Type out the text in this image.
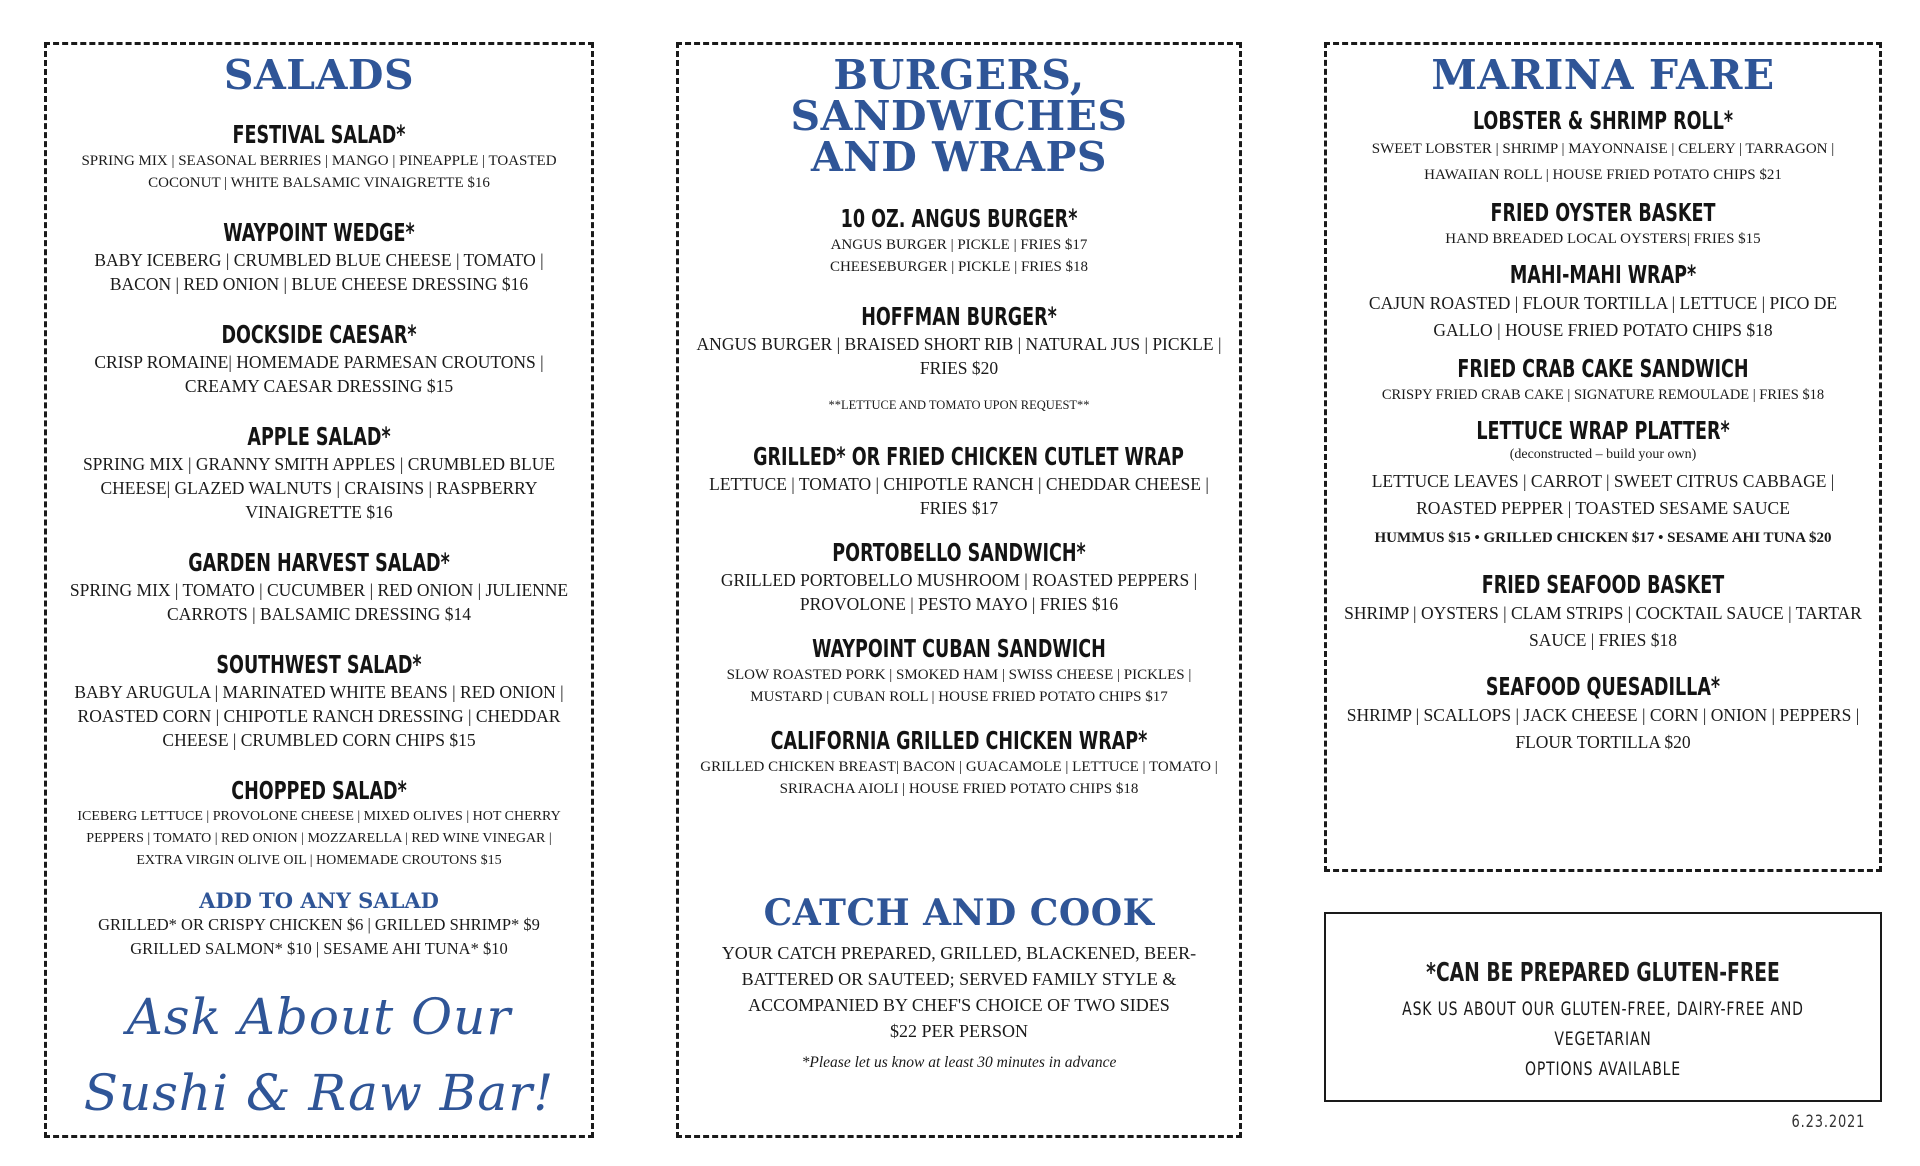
SALADS
FESTIVAL SALAD*
SPRING MIX | SEASONAL BERRIES | MANGO | PINEAPPLE | TOASTED COCONUT | WHITE BALSAMIC VINAIGRETTE $16
WAYPOINT WEDGE*
BABY ICEBERG | CRUMBLED BLUE CHEESE | TOMATO | BACON | RED ONION | BLUE CHEESE DRESSING $16
DOCKSIDE CAESAR*
CRISP ROMAINE| HOMEMADE PARMESAN CROUTONS | CREAMY CAESAR DRESSING $15
APPLE SALAD*
SPRING MIX | GRANNY SMITH APPLES | CRUMBLED BLUE CHEESE| GLAZED WALNUTS | CRAISINS | RASPBERRY VINAIGRETTE $16
GARDEN HARVEST SALAD*
SPRING MIX | TOMATO | CUCUMBER | RED ONION | JULIENNE CARROTS | BALSAMIC DRESSING $14
SOUTHWEST SALAD*
BABY ARUGULA | MARINATED WHITE BEANS | RED ONION | ROASTED CORN | CHIPOTLE RANCH DRESSING | CHEDDAR CHEESE | CRUMBLED CORN CHIPS $15
CHOPPED SALAD*
ICEBERG LETTUCE | PROVOLONE CHEESE | MIXED OLIVES | HOT CHERRY PEPPERS | TOMATO | RED ONION | MOZZARELLA | RED WINE VINEGAR | EXTRA VIRGIN OLIVE OIL | HOMEMADE CROUTONS $15
ADD TO ANY SALAD
GRILLED* OR CRISPY CHICKEN $6 | GRILLED SHRIMP* $9
GRILLED SALMON* $10 | SESAME AHI TUNA* $10
Ask About Our
Sushi & Raw Bar!
BURGERS, SANDWICHES
AND WRAPS
10 OZ. ANGUS BURGER*
ANGUS BURGER | PICKLE | FRIES $17
CHEESEBURGER | PICKLE | FRIES $18
HOFFMAN BURGER*
ANGUS BURGER | BRAISED SHORT RIB | NATURAL JUS | PICKLE | FRIES $20
**LETTUCE AND TOMATO UPON REQUEST**
GRILLED* OR FRIED CHICKEN CUTLET WRAP
LETTUCE | TOMATO | CHIPOTLE RANCH | CHEDDAR CHEESE | FRIES $17
PORTOBELLO SANDWICH*
GRILLED PORTOBELLO MUSHROOM | ROASTED PEPPERS | PROVOLONE | PESTO MAYO | FRIES $16
WAYPOINT CUBAN SANDWICH
SLOW ROASTED PORK | SMOKED HAM | SWISS CHEESE | PICKLES | MUSTARD | CUBAN ROLL | HOUSE FRIED POTATO CHIPS $17
CALIFORNIA GRILLED CHICKEN WRAP*
GRILLED CHICKEN BREAST| BACON | GUACAMOLE | LETTUCE | TOMATO | SRIRACHA AIOLI | HOUSE FRIED POTATO CHIPS $18
CATCH AND COOK
YOUR CATCH PREPARED, GRILLED, BLACKENED, BEER-
BATTERED OR SAUTEED; SERVED FAMILY STYLE &
ACCOMPANIED BY CHEF'S CHOICE OF TWO SIDES
$22 PER PERSON
*Please let us know at least 30 minutes in advance
MARINA FARE
LOBSTER & SHRIMP ROLL*
SWEET LOBSTER | SHRIMP | MAYONNAISE | CELERY | TARRAGON | HAWAIIAN ROLL | HOUSE FRIED POTATO CHIPS $21
FRIED OYSTER BASKET
HAND BREADED LOCAL OYSTERS| FRIES $15
MAHI-MAHI WRAP*
CAJUN ROASTED | FLOUR TORTILLA | LETTUCE | PICO DE GALLO | HOUSE FRIED POTATO CHIPS $18
FRIED CRAB CAKE SANDWICH
CRISPY FRIED CRAB CAKE | SIGNATURE REMOULADE | FRIES $18
LETTUCE WRAP PLATTER*
(deconstructed – build your own)
LETTUCE LEAVES | CARROT | SWEET CITRUS CABBAGE | ROASTED PEPPER | TOASTED SESAME SAUCE
HUMMUS $15 • GRILLED CHICKEN $17 • SESAME AHI TUNA $20
FRIED SEAFOOD BASKET
SHRIMP | OYSTERS | CLAM STRIPS | COCKTAIL SAUCE | TARTAR SAUCE | FRIES $18
SEAFOOD QUESADILLA*
SHRIMP | SCALLOPS | JACK CHEESE | CORN | ONION | PEPPERS | FLOUR TORTILLA $20
*CAN BE PREPARED GLUTEN-FREE
ASK US ABOUT OUR GLUTEN-FREE, DAIRY-FREE AND VEGETARIAN
OPTIONS AVAILABLE
6.23.2021
